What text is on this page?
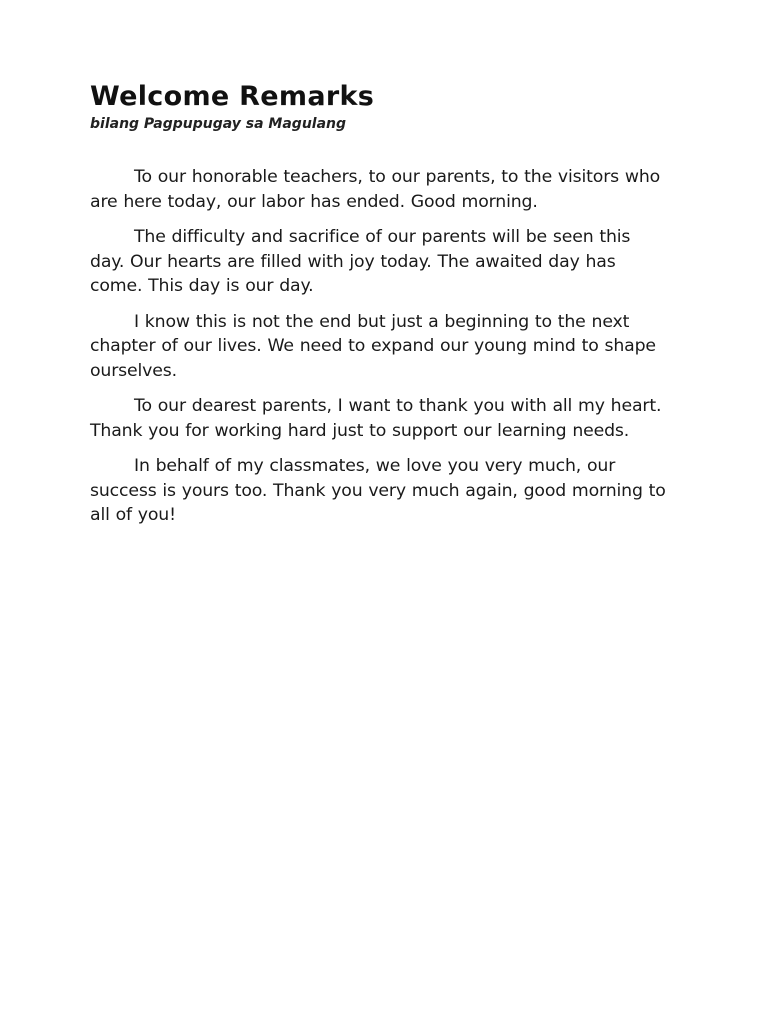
Welcome Remarks
bilang Pagpupugay sa Magulang

To our honorable teachers, to our parents, to the visitors who are here today, our labor has ended. Good morning.

The difficulty and sacrifice of our parents will be seen this day. Our hearts are filled with joy today. The awaited day has come. This day is our day.

I know this is not the end but just a beginning to the next chapter of our lives. We need to expand our young mind to shape ourselves.

To our dearest parents, I want to thank you with all my heart. Thank you for working hard just to support our learning needs.

In behalf of my classmates, we love you very much, our success is yours too. Thank you very much again, good morning to all of you!
